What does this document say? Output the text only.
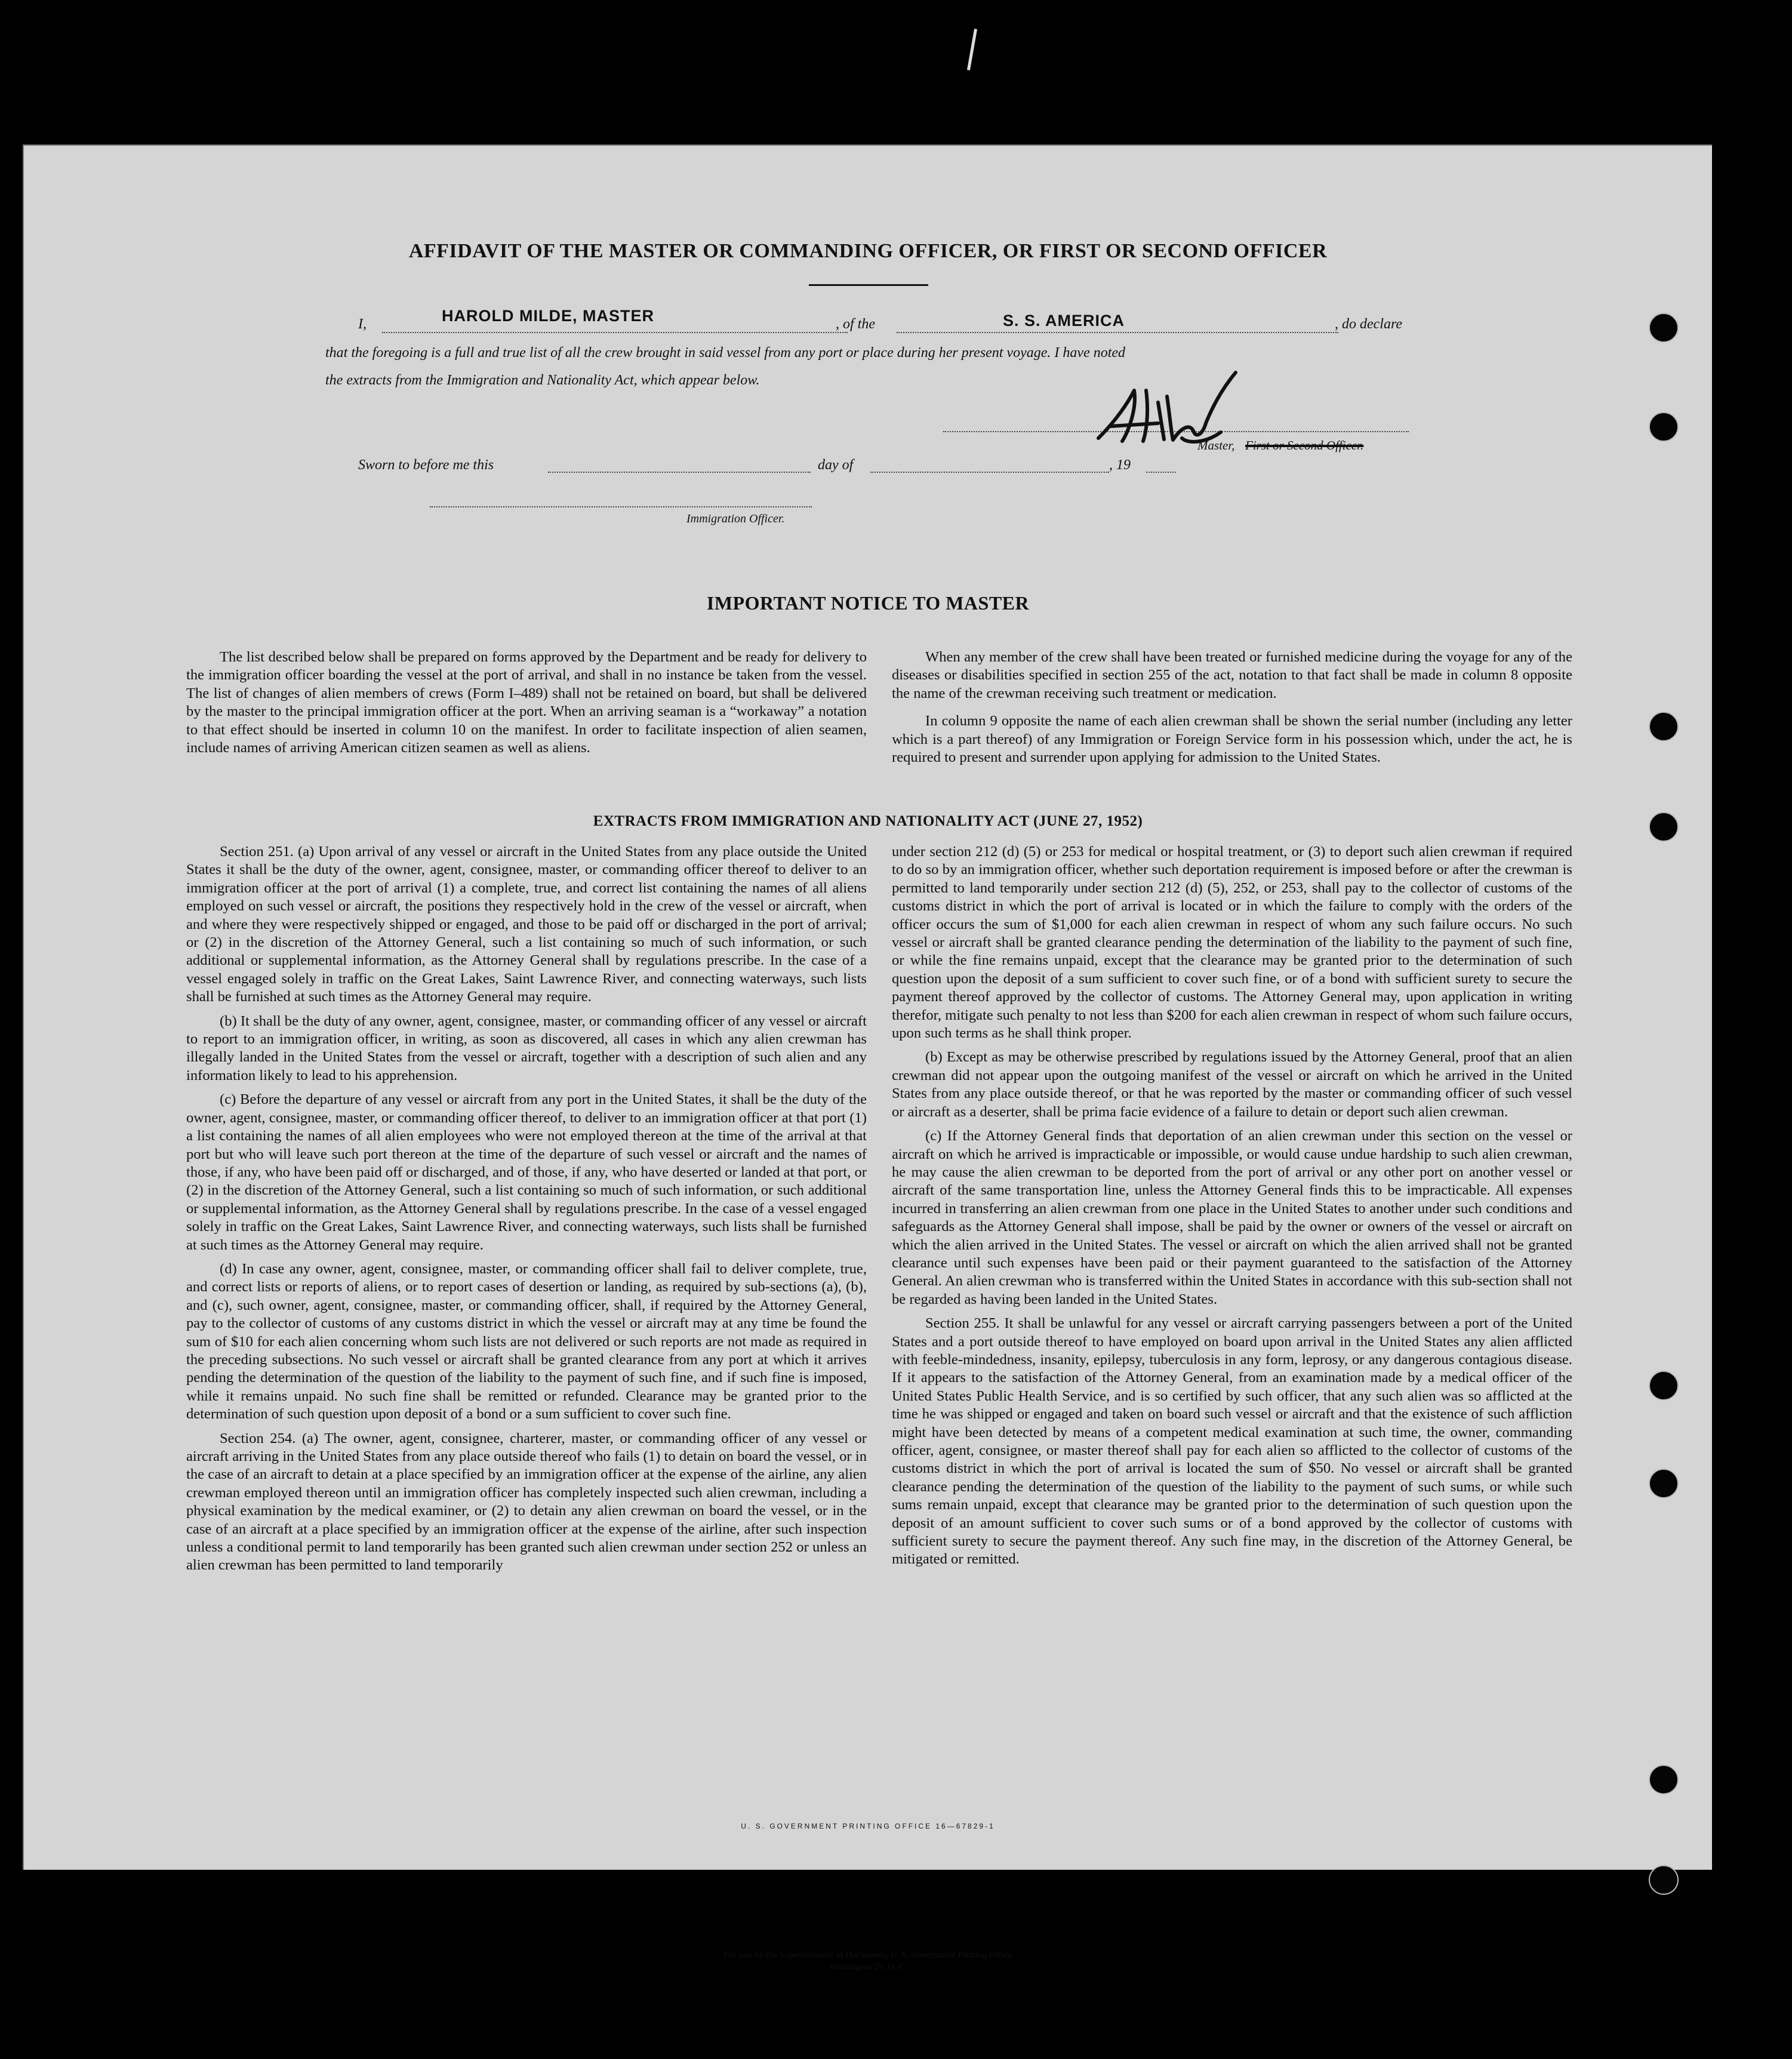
AFFIDAVIT OF THE MASTER OR COMMANDING OFFICER, OR FIRST OR SECOND OFFICER
I,	HAROLD MILDE, MASTER	, of the	S. S. AMERICA	, do declare
that the foregoing is a full and true list of all the crew brought in said vessel from any port or place during her present voyage. I have noted
the extracts from the Immigration and Nationality Act, which appear below.
Master, First or Second Officer.
Sworn to before me this	day of	, 19
Immigration Officer.
IMPORTANT NOTICE TO MASTER

The list described below shall be prepared on forms approved by the Department and be ready for delivery to the immigration officer boarding the vessel at the port of arrival, and shall in no instance be taken from the vessel. The list of changes of alien members of crews (Form I–489) shall not be retained on board, but shall be delivered by the master to the principal immigration officer at the port. When an arriving seaman is a “workaway” a notation to that effect should be inserted in column 10 on the manifest. In order to facilitate inspection of alien seamen, include names of arriving American citizen seamen as well as aliens.

When any member of the crew shall have been treated or furnished medicine during the voyage for any of the diseases or disabilities specified in section 255 of the act, notation to that fact shall be made in column 8 opposite the name of the crewman receiving such treatment or medication.

In column 9 opposite the name of each alien crewman shall be shown the serial number (including any letter which is a part thereof) of any Immigration or Foreign Service form in his possession which, under the act, he is required to present and surrender upon applying for admission to the United States.

EXTRACTS FROM IMMIGRATION AND NATIONALITY ACT (JUNE 27, 1952)

Section 251. (a) Upon arrival of any vessel or aircraft in the United States from any place outside the United States it shall be the duty of the owner, agent, consignee, master, or commanding officer thereof to deliver to an immigration officer at the port of arrival (1) a complete, true, and correct list containing the names of all aliens employed on such vessel or aircraft, the positions they respectively hold in the crew of the vessel or aircraft, when and where they were respectively shipped or engaged, and those to be paid off or discharged in the port of arrival; or (2) in the discretion of the Attorney General, such a list containing so much of such information, or such additional or supplemental information, as the Attorney General shall by regulations prescribe. In the case of a vessel engaged solely in traffic on the Great Lakes, Saint Lawrence River, and connecting waterways, such lists shall be furnished at such times as the Attorney General may require.

(b) It shall be the duty of any owner, agent, consignee, master, or commanding officer of any vessel or aircraft to report to an immigration officer, in writing, as soon as discovered, all cases in which any alien crewman has illegally landed in the United States from the vessel or aircraft, together with a description of such alien and any information likely to lead to his apprehension.

(c) Before the departure of any vessel or aircraft from any port in the United States, it shall be the duty of the owner, agent, consignee, master, or commanding officer thereof, to deliver to an immigration officer at that port (1) a list containing the names of all alien employees who were not employed thereon at the time of the arrival at that port but who will leave such port thereon at the time of the departure of such vessel or aircraft and the names of those, if any, who have been paid off or discharged, and of those, if any, who have deserted or landed at that port, or (2) in the discretion of the Attorney General, such a list containing so much of such information, or such additional or supplemental information, as the Attorney General shall by regulations prescribe. In the case of a vessel engaged solely in traffic on the Great Lakes, Saint Lawrence River, and connecting waterways, such lists shall be furnished at such times as the Attorney General may require.

(d) In case any owner, agent, consignee, master, or commanding officer shall fail to deliver complete, true, and correct lists or reports of aliens, or to report cases of desertion or landing, as required by sub-sections (a), (b), and (c), such owner, agent, consignee, master, or commanding officer, shall, if required by the Attorney General, pay to the collector of customs of any customs district in which the vessel or aircraft may at any time be found the sum of $10 for each alien concerning whom such lists are not delivered or such reports are not made as required in the preceding subsections. No such vessel or aircraft shall be granted clearance from any port at which it arrives pending the determination of the question of the liability to the payment of such fine, and if such fine is imposed, while it remains unpaid. No such fine shall be remitted or refunded. Clearance may be granted prior to the determination of such question upon deposit of a bond or a sum sufficient to cover such fine.

Section 254. (a) The owner, agent, consignee, charterer, master, or commanding officer of any vessel or aircraft arriving in the United States from any place outside thereof who fails (1) to detain on board the vessel, or in the case of an aircraft to detain at a place specified by an immigration officer at the expense of the airline, any alien crewman employed thereon until an immigration officer has completely inspected such alien crewman, including a physical examination by the medical examiner, or (2) to detain any alien crewman on board the vessel, or in the case of an aircraft at a place specified by an immigration officer at the expense of the airline, after such inspection unless a conditional permit to land temporarily has been granted such alien crewman under section 252 or unless an alien crewman has been permitted to land temporarily

under section 212 (d) (5) or 253 for medical or hospital treatment, or (3) to deport such alien crewman if required to do so by an immigration officer, whether such deportation requirement is imposed before or after the crewman is permitted to land temporarily under section 212 (d) (5), 252, or 253, shall pay to the collector of customs of the customs district in which the port of arrival is located or in which the failure to comply with the orders of the officer occurs the sum of $1,000 for each alien crewman in respect of whom any such failure occurs. No such vessel or aircraft shall be granted clearance pending the determination of the liability to the payment of such fine, or while the fine remains unpaid, except that the clearance may be granted prior to the determination of such question upon the deposit of a sum sufficient to cover such fine, or of a bond with sufficient surety to secure the payment thereof approved by the collector of customs. The Attorney General may, upon application in writing therefor, mitigate such penalty to not less than $200 for each alien crewman in respect of whom such failure occurs, upon such terms as he shall think proper.

(b) Except as may be otherwise prescribed by regulations issued by the Attorney General, proof that an alien crewman did not appear upon the outgoing manifest of the vessel or aircraft on which he arrived in the United States from any place outside thereof, or that he was reported by the master or commanding officer of such vessel or aircraft as a deserter, shall be prima facie evidence of a failure to detain or deport such alien crewman.

(c) If the Attorney General finds that deportation of an alien crewman under this section on the vessel or aircraft on which he arrived is impracticable or impossible, or would cause undue hardship to such alien crewman, he may cause the alien crewman to be deported from the port of arrival or any other port on another vessel or aircraft of the same transportation line, unless the Attorney General finds this to be impracticable. All expenses incurred in transferring an alien crewman from one place in the United States to another under such conditions and safeguards as the Attorney General shall impose, shall be paid by the owner or owners of the vessel or aircraft on which the alien arrived in the United States. The vessel or aircraft on which the alien arrived shall not be granted clearance until such expenses have been paid or their payment guaranteed to the satisfaction of the Attorney General. An alien crewman who is transferred within the United States in accordance with this sub-section shall not be regarded as having been landed in the United States.

Section 255. It shall be unlawful for any vessel or aircraft carrying passengers between a port of the United States and a port outside thereof to have employed on board upon arrival in the United States any alien afflicted with feeble-mindedness, insanity, epilepsy, tuberculosis in any form, leprosy, or any dangerous contagious disease. If it appears to the satisfaction of the Attorney General, from an examination made by a medical officer of the United States Public Health Service, and is so certified by such officer, that any such alien was so afflicted at the time he was shipped or engaged and taken on board such vessel or aircraft and that the existence of such affliction might have been detected by means of a competent medical examination at such time, the owner, commanding officer, agent, consignee, or master thereof shall pay for each alien so afflicted to the collector of customs of the customs district in which the port of arrival is located the sum of $50. No vessel or aircraft shall be granted clearance pending the determination of the question of the liability to the payment of such sums, or while such sums remain unpaid, except that clearance may be granted prior to the determination of such question upon the deposit of an amount sufficient to cover such sums or of a bond approved by the collector of customs with sufficient surety to secure the payment thereof. Any such fine may, in the discretion of the Attorney General, be mitigated or remitted.

U. S. GOVERNMENT PRINTING OFFICE 16—67829-1
For sale by the Superintendent of Documents, U. S. Government Printing Office
Washington 25, D. C.
